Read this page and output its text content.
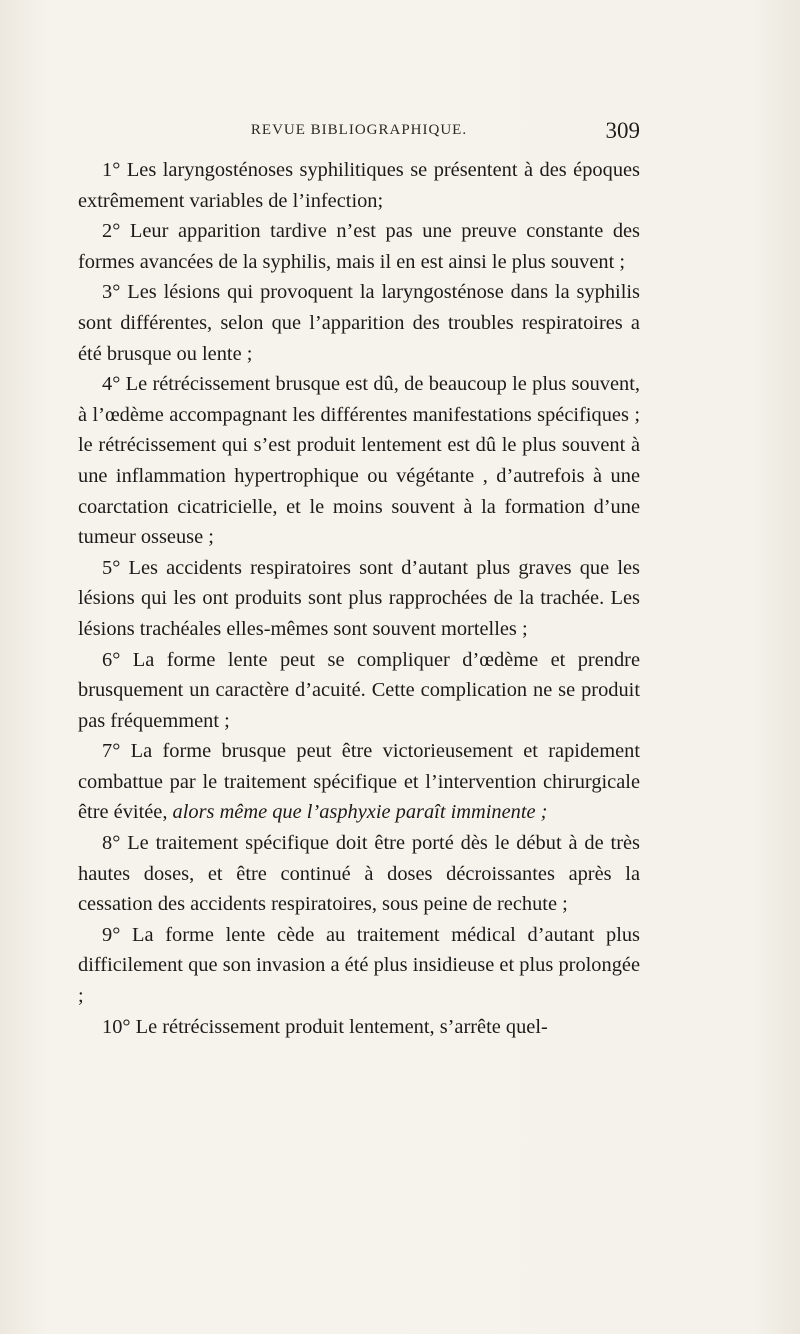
REVUE BIBLIOGRAPHIQUE.	309

1° Les laryngosténoses syphilitiques se présentent à des époques extrêmement variables de l’infection;

2° Leur apparition tardive n’est pas une preuve constante des formes avancées de la syphilis, mais il en est ainsi le plus souvent ;

3° Les lésions qui provoquent la laryngosténose dans la syphilis sont différentes, selon que l’apparition des troubles respiratoires a été brusque ou lente ;

4° Le rétrécissement brusque est dû, de beaucoup le plus souvent, à l’œdème accompagnant les différentes manifestations spécifiques ; le rétrécissement qui s’est produit lentement est dû le plus souvent à une inflammation hypertrophique ou végétante , d’autrefois à une coarctation cicatricielle, et le moins souvent à la formation d’une tumeur osseuse ;

5° Les accidents respiratoires sont d’autant plus graves que les lésions qui les ont produits sont plus rapprochées de la trachée. Les lésions trachéales elles-mêmes sont souvent mortelles ;

6° La forme lente peut se compliquer d’œdème et prendre brusquement un caractère d’acuité. Cette complication ne se produit pas fréquemment ;

7° La forme brusque peut être victorieusement et rapidement combattue par le traitement spécifique et l’intervention chirurgicale être évitée, alors même que l’asphyxie paraît imminente ;

8° Le traitement spécifique doit être porté dès le début à de très hautes doses, et être continué à doses décroissantes après la cessation des accidents respiratoires, sous peine de rechute ;

9° La forme lente cède au traitement médical d’autant plus difficilement que son invasion a été plus insidieuse et plus prolongée ;

10° Le rétrécissement produit lentement, s’arrête quel-
